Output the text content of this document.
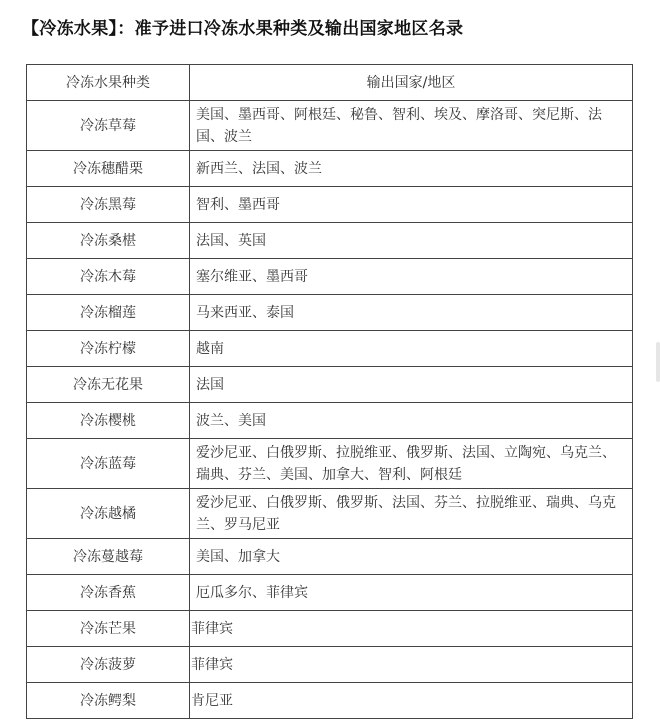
【冷冻水果】：准予进口冷冻水果种类及输出国家地区名录
冷冻水果种类	输出国家/地区
冷冻草莓	美国、墨西哥、阿根廷、秘鲁、智利、埃及、摩洛哥、突尼斯、法国、波兰
冷冻穗醋栗	新西兰、法国、波兰
冷冻黑莓	智利、墨西哥
冷冻桑椹	法国、英国
冷冻木莓	塞尔维亚、墨西哥
冷冻榴莲	马来西亚、泰国
冷冻柠檬	越南
冷冻无花果	法国
冷冻樱桃	波兰、美国
冷冻蓝莓	爱沙尼亚、白俄罗斯、拉脱维亚、俄罗斯、法国、立陶宛、乌克兰、瑞典、芬兰、美国、加拿大、智利、阿根廷
冷冻越橘	爱沙尼亚、白俄罗斯、俄罗斯、法国、芬兰、拉脱维亚、瑞典、乌克兰、罗马尼亚
冷冻蔓越莓	美国、加拿大
冷冻香蕉	厄瓜多尔、菲律宾
冷冻芒果	菲律宾
冷冻菠萝	菲律宾
冷冻鳄梨	肯尼亚
